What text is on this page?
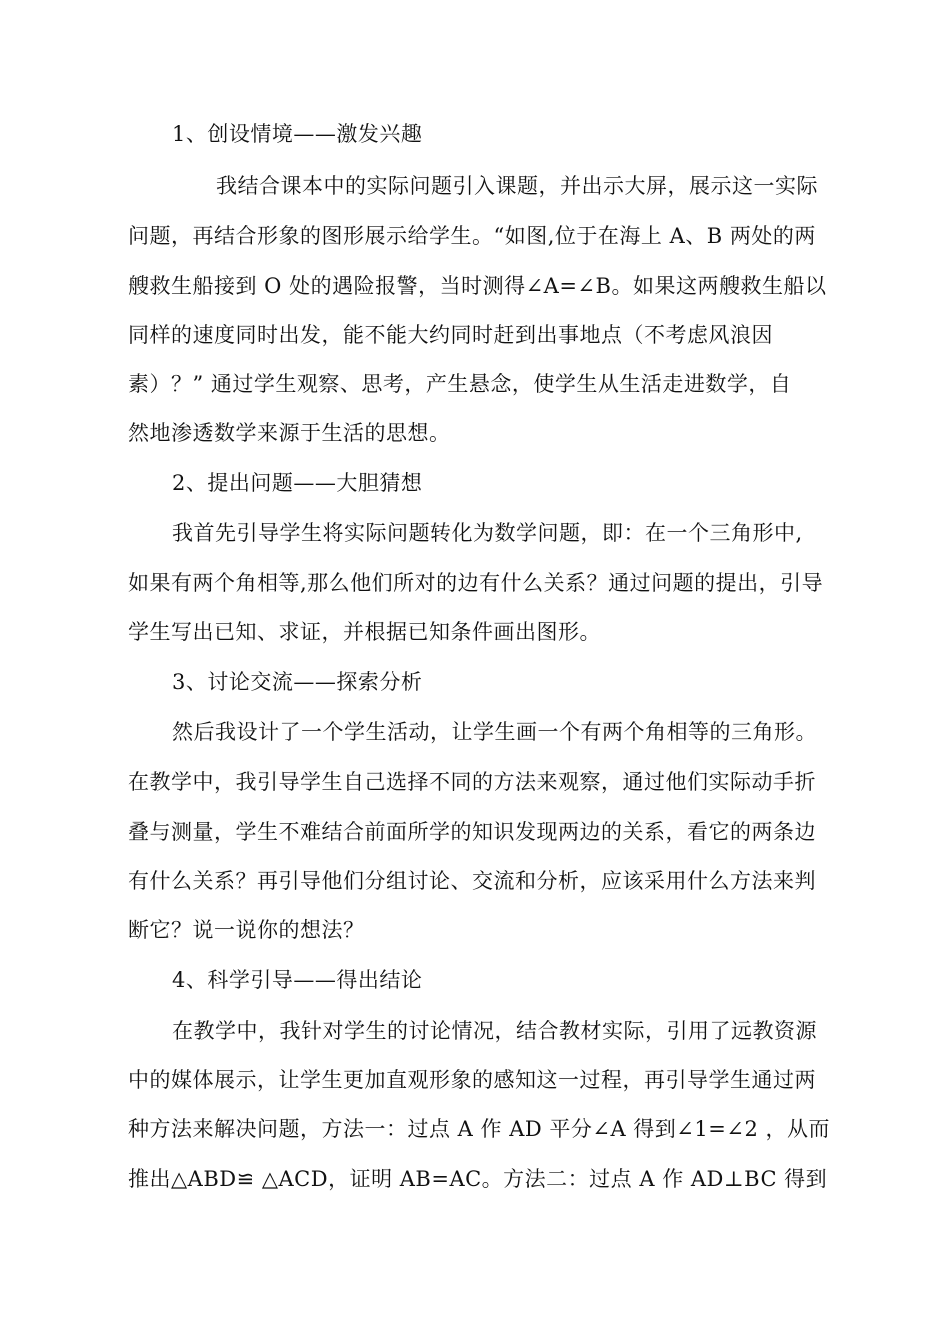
1、创设情境——激发兴趣
我结合课本中的实际问题引入课题，并出示大屏，展示这一实际
问题，再结合形象的图形展示给学生。“如图,位于在海上 A、B 两处的两
艘救生船接到 O 处的遇险报警，当时测得∠A=∠B。如果这两艘救生船以
同样的速度同时出发，能不能大约同时赶到出事地点（不考虑风浪因
素）？” 通过学生观察、思考，产生悬念，使学生从生活走进数学，自
然地渗透数学来源于生活的思想。
2、提出问题——大胆猜想
我首先引导学生将实际问题转化为数学问题，即：在一个三角形中,
如果有两个角相等,那么他们所对的边有什么关系？通过问题的提出，引导
学生写出已知、求证，并根据已知条件画出图形。
3、讨论交流——探索分析
然后我设计了一个学生活动，让学生画一个有两个角相等的三角形。
在教学中，我引导学生自己选择不同的方法来观察，通过他们实际动手折
叠与测量，学生不难结合前面所学的知识发现两边的关系，看它的两条边
有什么关系？再引导他们分组讨论、交流和分析，应该采用什么方法来判
断它？说一说你的想法？
4、科学引导——得出结论
在教学中，我针对学生的讨论情况，结合教材实际，引用了远教资源
中的媒体展示，让学生更加直观形象的感知这一过程，再引导学生通过两
种方法来解决问题，方法一：过点 A 作 AD 平分∠A 得到∠1=∠2 ，从而
推出△ABD≌ △ACD，证明 AB=AC。方法二：过点 A 作 AD⊥BC 得到
